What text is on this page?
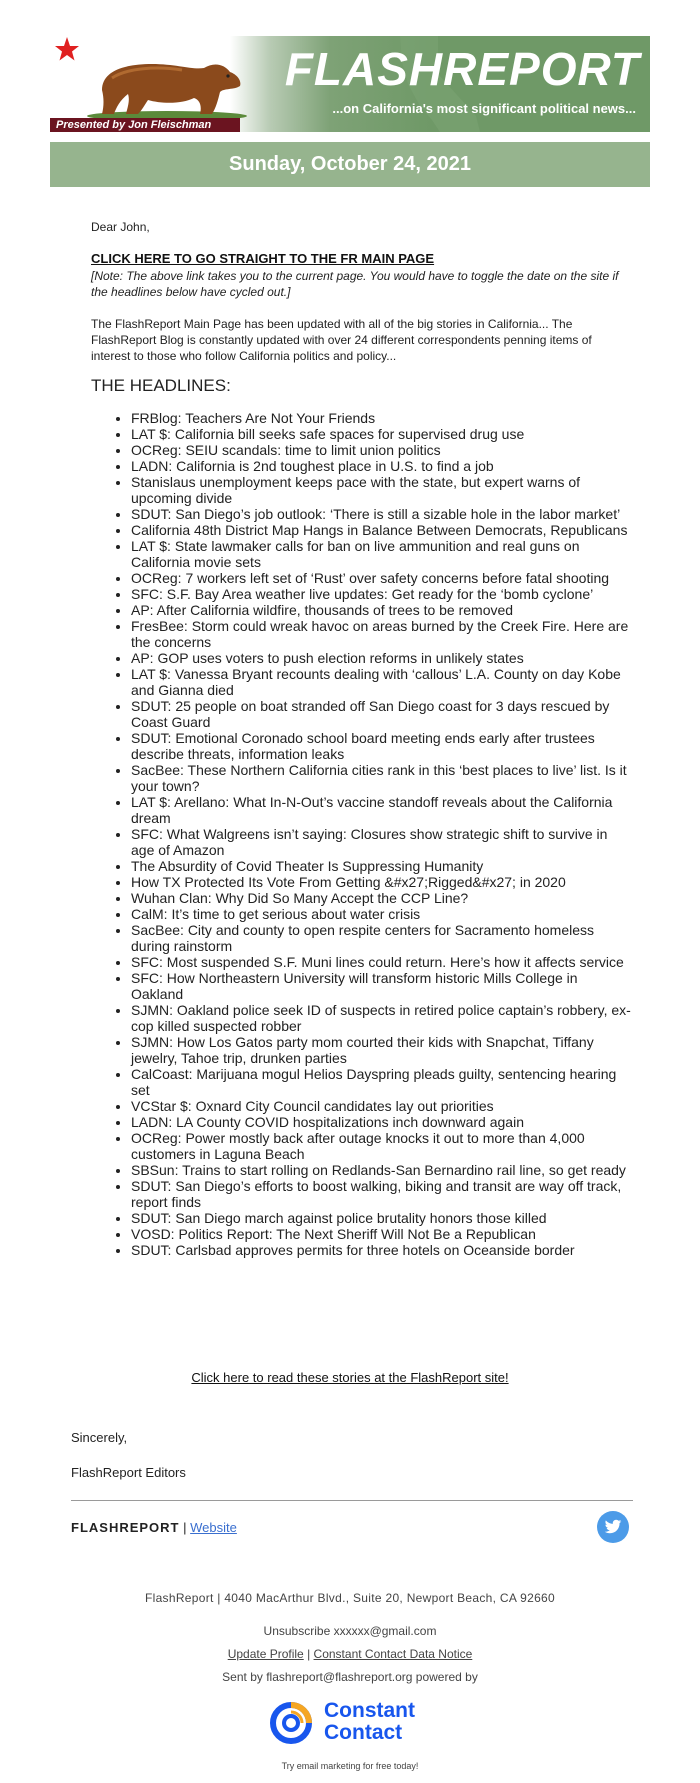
Presented by Jon Fleischman
FLASHREPORT
...on California's most significant political news...
Sunday, October 24, 2021

Dear John,

CLICK HERE TO GO STRAIGHT TO THE FR MAIN PAGE

[Note: The above link takes you to the current page. You would have to toggle the date on the site if the headlines below have cycled out.]

The FlashReport Main Page has been updated with all of the big stories in California... The FlashReport Blog is constantly updated with over 24 different correspondents penning items of interest to those who follow California politics and policy...

THE HEADLINES:
• FRBlog: Teachers Are Not Your Friends
• LAT $: California bill seeks safe spaces for supervised drug use
• OCReg: SEIU scandals: time to limit union politics
• LADN: California is 2nd toughest place in U.S. to find a job
• Stanislaus unemployment keeps pace with the state, but expert warns of upcoming divide
• SDUT: San Diego’s job outlook: ‘There is still a sizable hole in the labor market’
• California 48th District Map Hangs in Balance Between Democrats, Republicans
• LAT $: State lawmaker calls for ban on live ammunition and real guns on California movie sets
• OCReg: 7 workers left set of ‘Rust’ over safety concerns before fatal shooting
• SFC: S.F. Bay Area weather live updates: Get ready for the ‘bomb cyclone’
• AP: After California wildfire, thousands of trees to be removed
• FresBee: Storm could wreak havoc on areas burned by the Creek Fire. Here are the concerns
• AP: GOP uses voters to push election reforms in unlikely states
• LAT $: Vanessa Bryant recounts dealing with ‘callous’ L.A. County on day Kobe and Gianna died
• SDUT: 25 people on boat stranded off San Diego coast for 3 days rescued by Coast Guard
• SDUT: Emotional Coronado school board meeting ends early after trustees describe threats, information leaks
• SacBee: These Northern California cities rank in this ‘best places to live’ list. Is it your town?
• LAT $: Arellano: What In-N-Out’s vaccine standoff reveals about the California dream
• SFC: What Walgreens isn’t saying: Closures show strategic shift to survive in age of Amazon
• The Absurdity of Covid Theater Is Suppressing Humanity
• How TX Protected Its Vote From Getting &#x27;Rigged&#x27; in 2020
• Wuhan Clan: Why Did So Many Accept the CCP Line?
• CalM: It’s time to get serious about water crisis
• SacBee: City and county to open respite centers for Sacramento homeless during rainstorm
• SFC: Most suspended S.F. Muni lines could return. Here’s how it affects service
• SFC: How Northeastern University will transform historic Mills College in Oakland
• SJMN: Oakland police seek ID of suspects in retired police captain’s robbery, ex-cop killed suspected robber
• SJMN: How Los Gatos party mom courted their kids with Snapchat, Tiffany jewelry, Tahoe trip, drunken parties
• CalCoast: Marijuana mogul Helios Dayspring pleads guilty, sentencing hearing set
• VCStar $: Oxnard City Council candidates lay out priorities
• LADN: LA County COVID hospitalizations inch downward again
• OCReg: Power mostly back after outage knocks it out to more than 4,000 customers in Laguna Beach
• SBSun: Trains to start rolling on Redlands-San Bernardino rail line, so get ready
• SDUT: San Diego’s efforts to boost walking, biking and transit are way off track, report finds
• SDUT: San Diego march against police brutality honors those killed
• VOSD: Politics Report: The Next Sheriff Will Not Be a Republican
• SDUT: Carlsbad approves permits for three hotels on Oceanside border
Click here to read these stories at the FlashReport site!
Sincerely,
FlashReport Editors
FLASHREPORT | Website
FlashReport | 4040 MacArthur Blvd., Suite 20, Newport Beach, CA 92660
Unsubscribe xxxxxx@gmail.com
Update Profile | Constant Contact Data Notice
Sent by flashreport@flashreport.org powered by
Constant
Contact
Try email marketing for free today!
